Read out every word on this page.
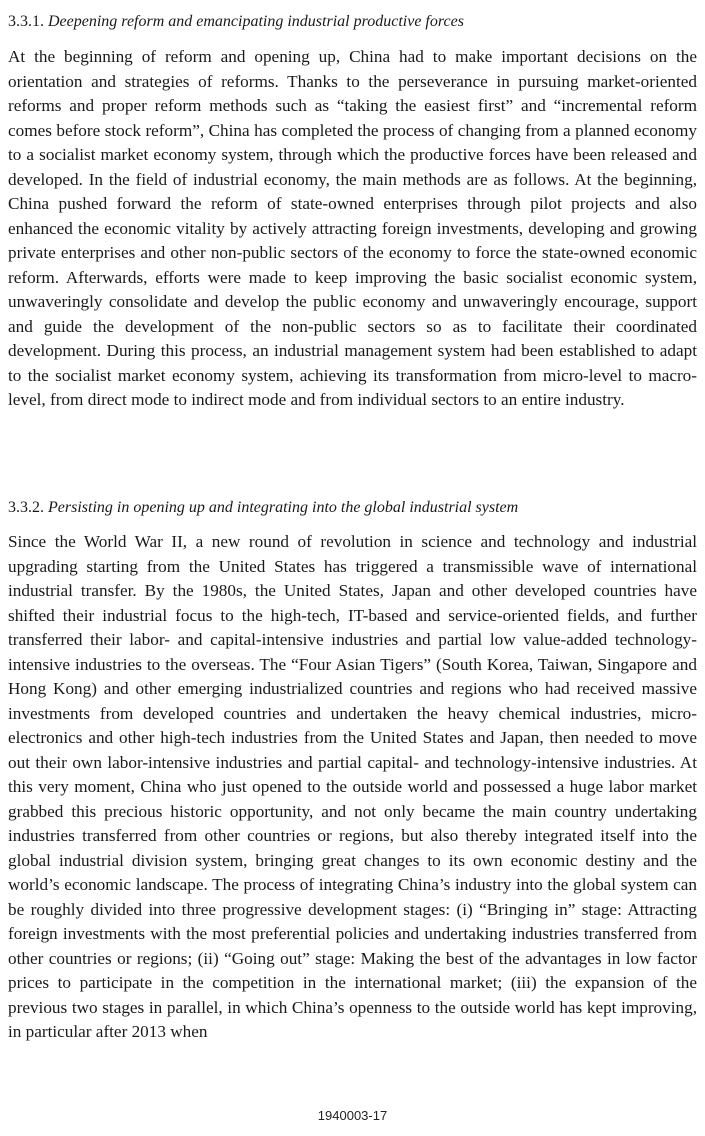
3.3.1. Deepening reform and emancipating industrial productive forces

At the beginning of reform and opening up, China had to make important decisions on the orientation and strategies of reforms. Thanks to the perseverance in pursuing market-oriented reforms and proper reform methods such as “taking the easiest first” and “incremental reform comes before stock reform”, China has completed the process of changing from a planned economy to a socialist market economy system, through which the productive forces have been released and developed. In the field of industrial economy, the main methods are as follows. At the beginning, China pushed forward the reform of state-owned enterprises through pilot projects and also enhanced the economic vitality by actively attracting foreign investments, developing and growing private enterprises and other non-public sectors of the economy to force the state-owned economic reform. Afterwards, efforts were made to keep improving the basic socialist economic system, unwaveringly consolidate and develop the public economy and unwaveringly encourage, support and guide the development of the non-public sectors so as to facilitate their coordinated development. During this process, an industrial management system had been established to adapt to the socialist market economy system, achieving its transformation from micro-level to macro-level, from direct mode to indirect mode and from individual sectors to an entire industry.

3.3.2. Persisting in opening up and integrating into the global industrial system

Since the World War II, a new round of revolution in science and technology and industrial upgrading starting from the United States has triggered a transmissible wave of international industrial transfer. By the 1980s, the United States, Japan and other developed countries have shifted their industrial focus to the high-tech, IT-based and service-oriented fields, and further transferred their labor- and capital-intensive industries and partial low value-added technology-intensive industries to the overseas. The “Four Asian Tigers” (South Korea, Taiwan, Singapore and Hong Kong) and other emerging industrialized countries and regions who had received massive investments from developed countries and undertaken the heavy chemical industries, micro-electronics and other high-tech industries from the United States and Japan, then needed to move out their own labor-intensive industries and partial capital- and technology-intensive industries. At this very moment, China who just opened to the outside world and possessed a huge labor market grabbed this precious historic opportunity, and not only became the main country undertaking industries transferred from other countries or regions, but also thereby integrated itself into the global industrial division system, bringing great changes to its own economic destiny and the world’s economic landscape. The process of integrating China’s industry into the global system can be roughly divided into three progressive development stages: (i) “Bringing in” stage: Attracting foreign investments with the most preferential policies and undertaking industries transferred from other countries or regions; (ii) “Going out” stage: Making the best of the advantages in low factor prices to participate in the competition in the international market; (iii) the expansion of the previous two stages in parallel, in which China’s openness to the outside world has kept improving, in particular after 2013 when

1940003-17
